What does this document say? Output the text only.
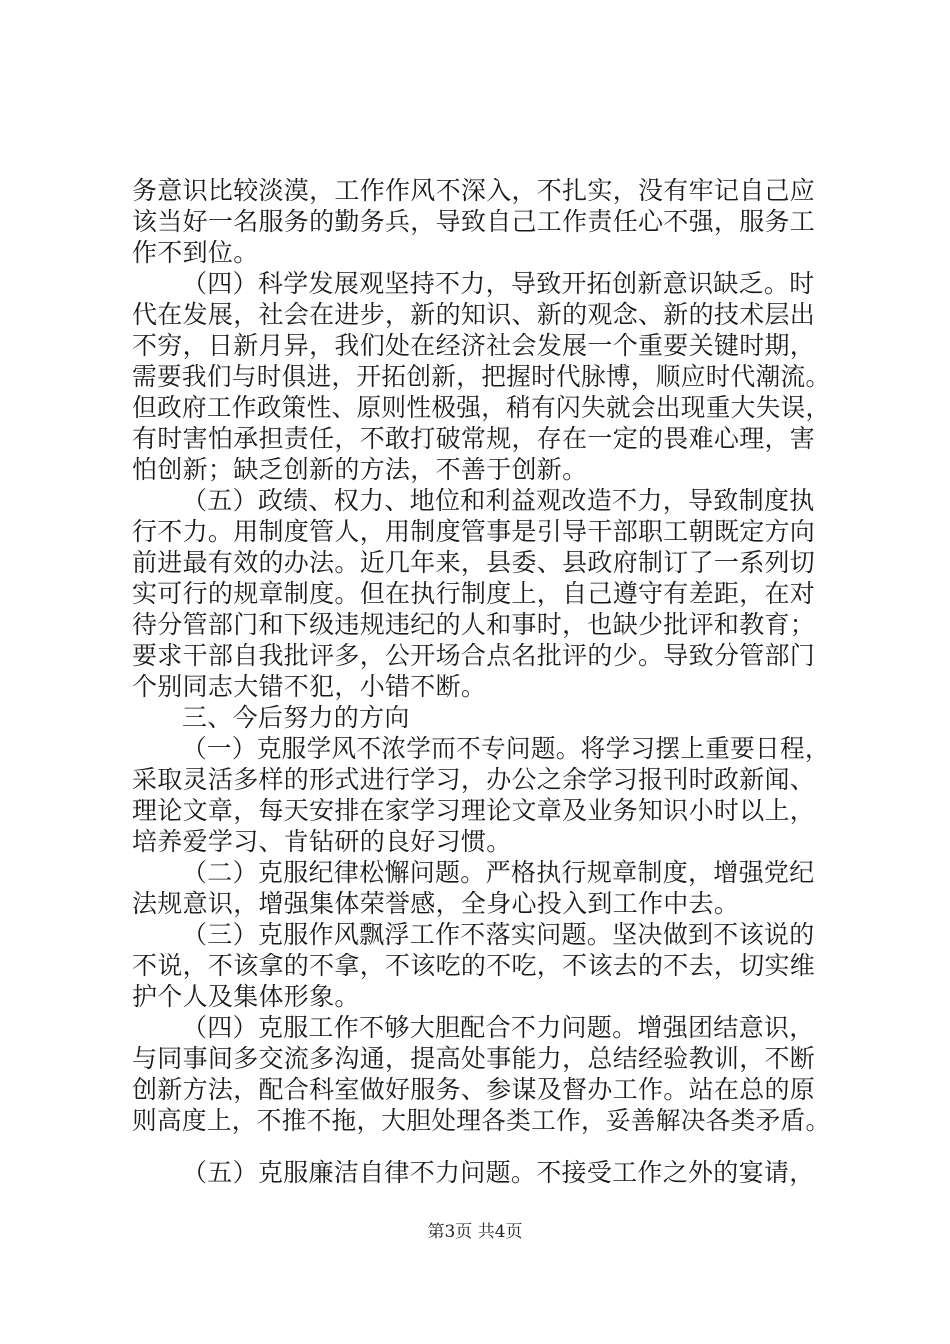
务意识比较淡漠，工作作风不深入，不扎实，没有牢记自己应
该当好一名服务的勤务兵，导致自己工作责任心不强，服务工
作不到位。
（四）科学发展观坚持不力，导致开拓创新意识缺乏。时
代在发展，社会在进步，新的知识、新的观念、新的技术层出
不穷，日新月异，我们处在经济社会发展一个重要关键时期，
需要我们与时俱进，开拓创新，把握时代脉博，顺应时代潮流。
但政府工作政策性、原则性极强，稍有闪失就会出现重大失误，
有时害怕承担责任，不敢打破常规，存在一定的畏难心理，害
怕创新；缺乏创新的方法，不善于创新。
（五）政绩、权力、地位和利益观改造不力，导致制度执
行不力。用制度管人，用制度管事是引导干部职工朝既定方向
前进最有效的办法。近几年来，县委、县政府制订了一系列切
实可行的规章制度。但在执行制度上，自己遵守有差距，在对
待分管部门和下级违规违纪的人和事时，也缺少批评和教育；
要求干部自我批评多，公开场合点名批评的少。导致分管部门
个别同志大错不犯，小错不断。
三、今后努力的方向
（一）克服学风不浓学而不专问题。将学习摆上重要日程，
采取灵活多样的形式进行学习，办公之余学习报刊时政新闻、
理论文章，每天安排在家学习理论文章及业务知识小时以上，
培养爱学习、肯钻研的良好习惯。
（二）克服纪律松懈问题。严格执行规章制度，增强党纪
法规意识，增强集体荣誉感，全身心投入到工作中去。
（三）克服作风飘浮工作不落实问题。坚决做到不该说的
不说，不该拿的不拿，不该吃的不吃，不该去的不去，切实维
护个人及集体形象。
（四）克服工作不够大胆配合不力问题。增强团结意识，
与同事间多交流多沟通，提高处事能力，总结经验教训，不断
创新方法，配合科室做好服务、参谋及督办工作。站在总的原
则高度上，不推不拖，大胆处理各类工作，妥善解决各类矛盾。
（五）克服廉洁自律不力问题。不接受工作之外的宴请，
第3页 共4页
